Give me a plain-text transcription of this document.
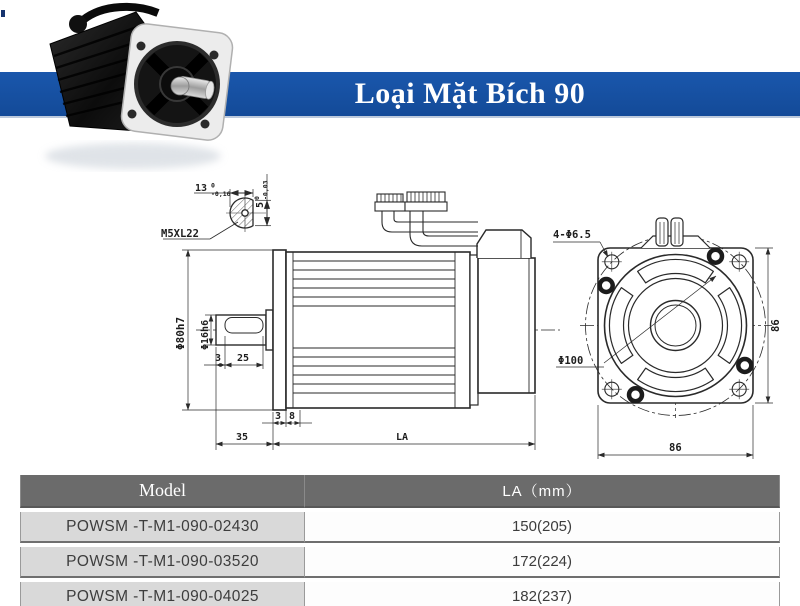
Loại Mặt Bích 90
13 0
-0,16
5
0 -0,03
M5XL22
Φ80h7 Φ16h6
3 25
3 8
35	LA
4-Φ6.5
Φ100
86
86
Model	LA（mm）
POWSM -T-M1-090-02430	150(205)
POWSM -T-M1-090-03520	172(224)
POWSM -T-M1-090-04025	182(237)
